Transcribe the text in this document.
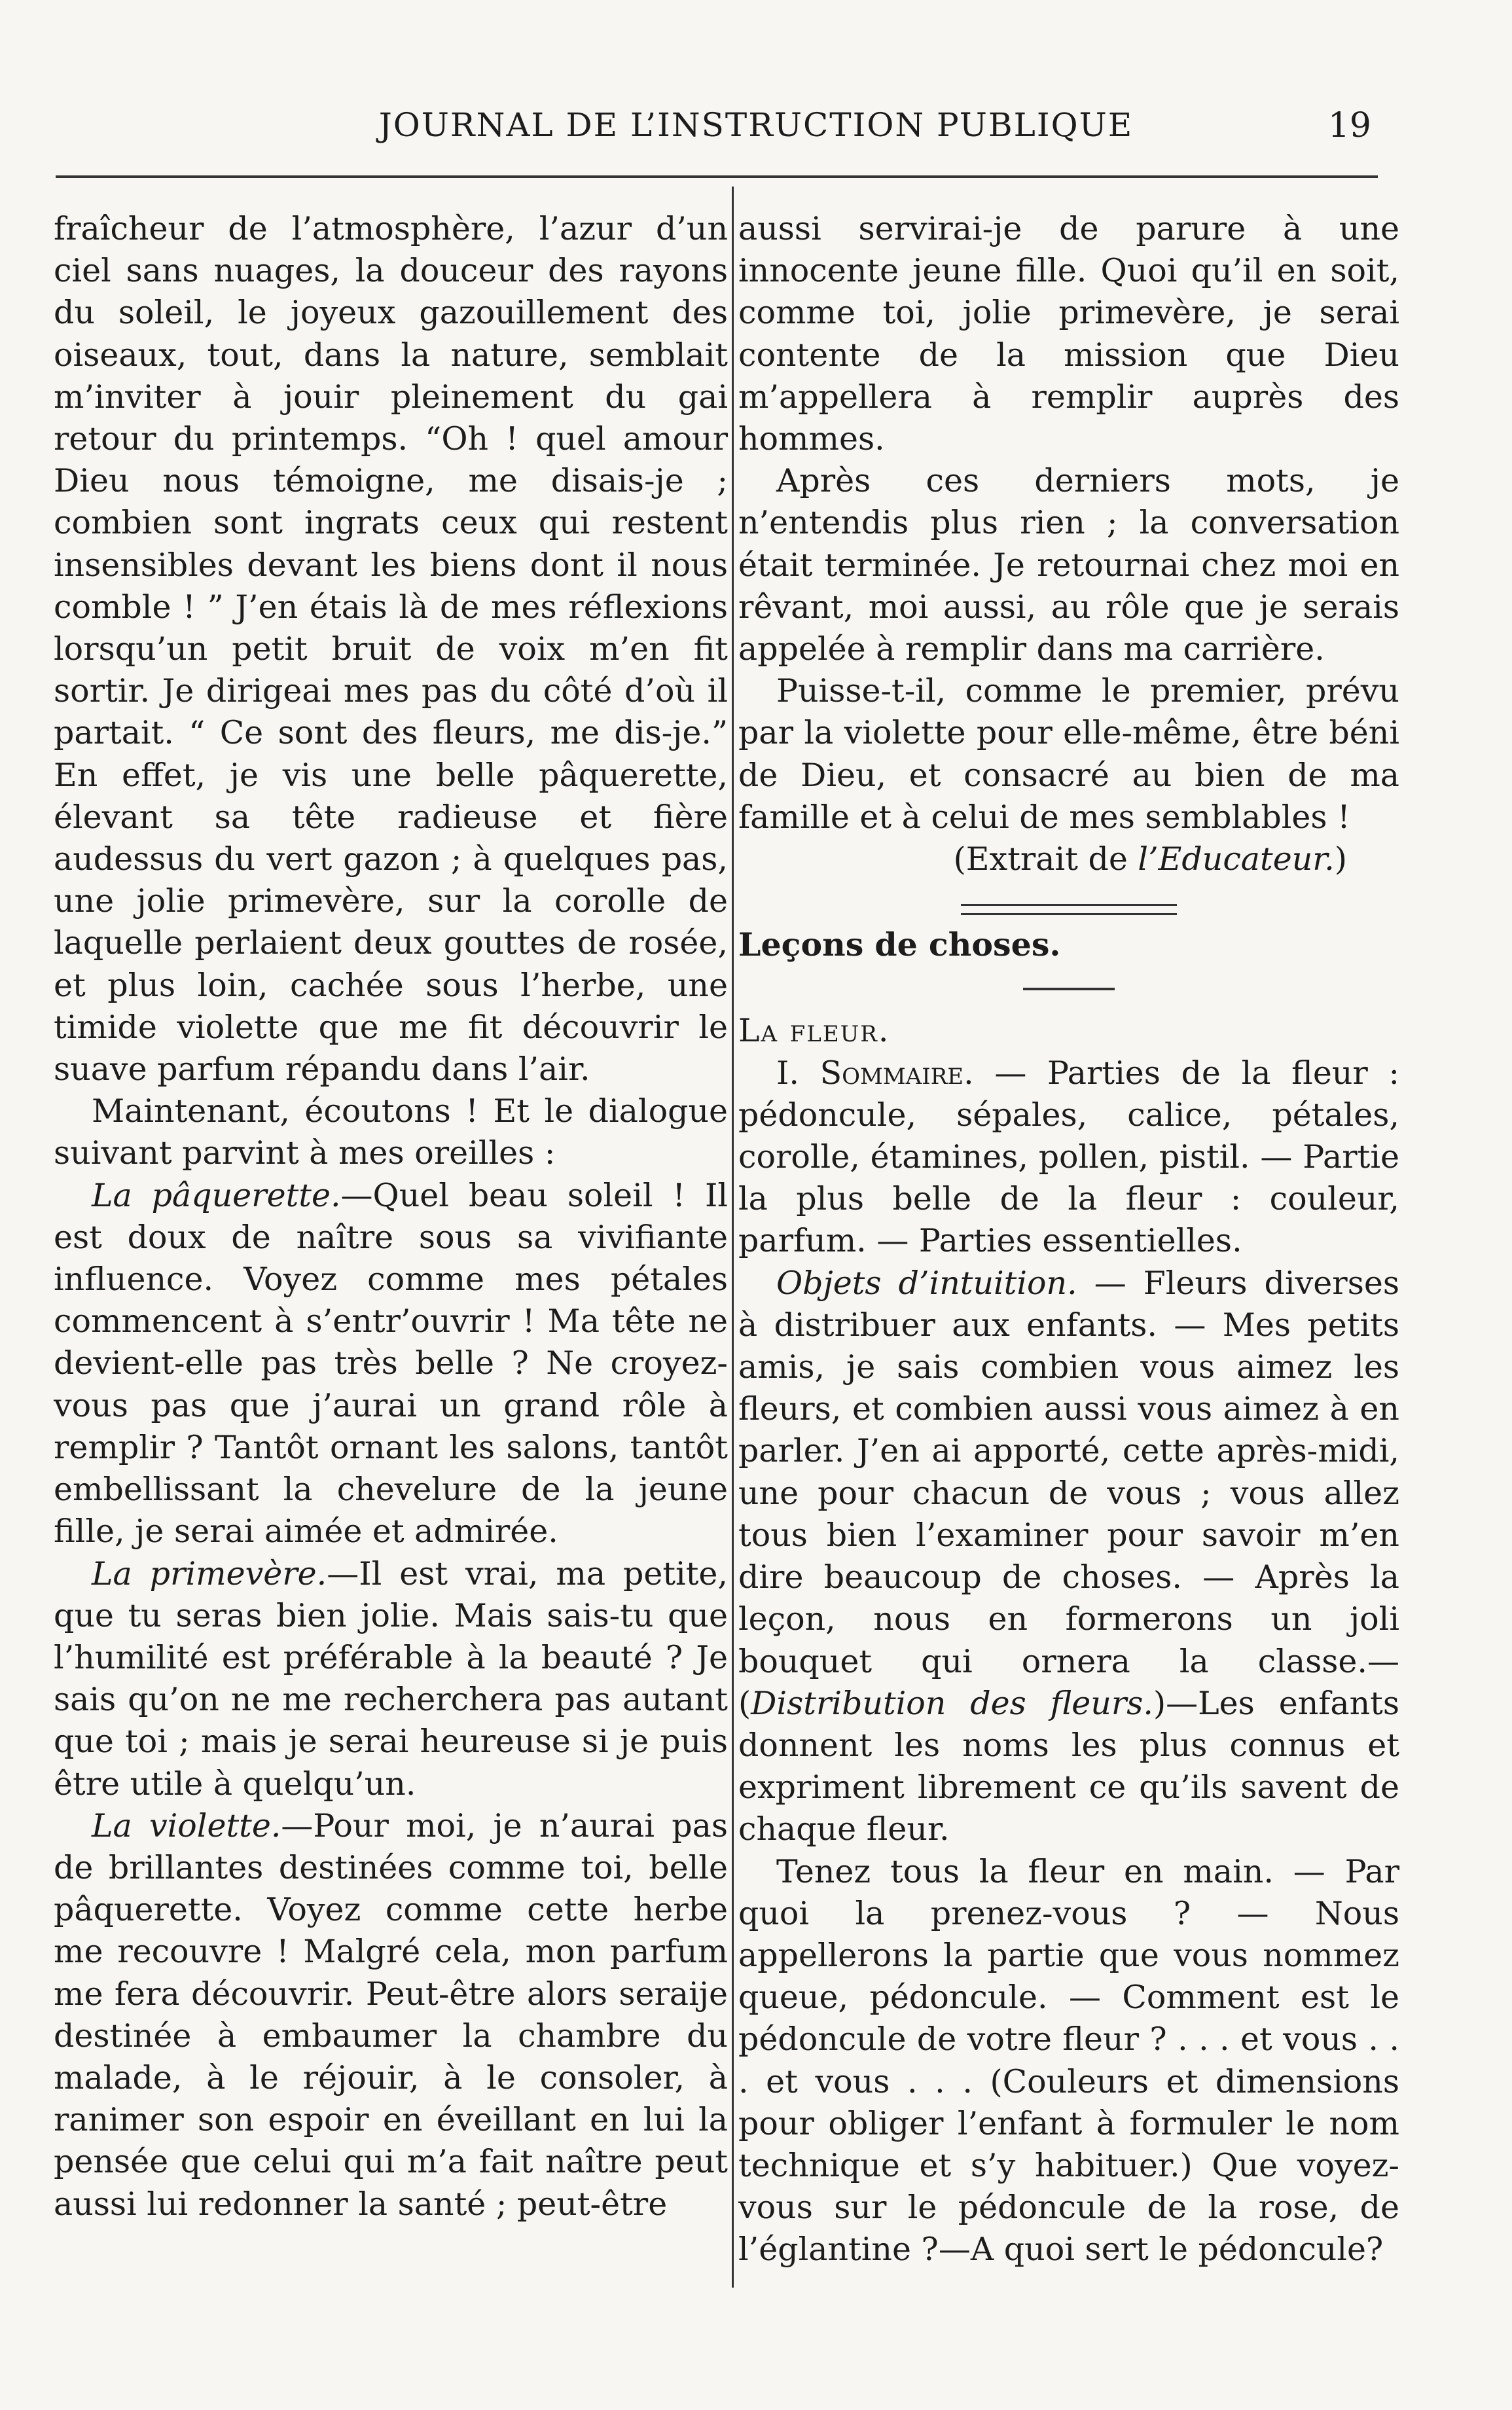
JOURNAL DE L’INSTRUCTION PUBLIQUE	19

fraîcheur de l’atmosphère, l’azur d’un ciel sans nuages, la douceur des rayons du soleil, le joyeux gazouillement des oiseaux, tout, dans la nature, semblait m’inviter à jouir pleinement du gai retour du printemps. “Oh ! quel amour Dieu nous témoigne, me disais-je ; combien sont ingrats ceux qui restent insensibles devant les biens dont il nous comble ! ” J’en étais là de mes réflexions lorsqu’un petit bruit de voix m’en fit sortir. Je dirigeai mes pas du côté d’où il partait. “ Ce sont des fleurs, me dis-je.” En effet, je vis une belle pâquerette, élevant sa tête radieuse et fière audessus du vert gazon ; à quelques pas, une jolie primevère, sur la corolle de laquelle perlaient deux gouttes de rosée, et plus loin, cachée sous l’herbe, une timide violette que me fit découvrir le suave parfum répandu dans l’air.

Maintenant, écoutons ! Et le dialogue suivant parvint à mes oreilles :

La pâquerette.—Quel beau soleil ! Il est doux de naître sous sa vivifiante influence. Voyez comme mes pétales commencent à s’entr’ouvrir ! Ma tête ne devient-elle pas très belle ? Ne croyez-vous pas que j’aurai un grand rôle à remplir ? Tantôt ornant les salons, tantôt embellissant la chevelure de la jeune fille, je serai aimée et admirée.

La primevère.—Il est vrai, ma petite, que tu seras bien jolie. Mais sais-tu que l’humilité est préférable à la beauté ? Je sais qu’on ne me recherchera pas autant que toi ; mais je serai heureuse si je puis être utile à quelqu’un.

La violette.—Pour moi, je n’aurai pas de brillantes destinées comme toi, belle pâquerette. Voyez comme cette herbe me recouvre ! Malgré cela, mon parfum me fera découvrir. Peut-être alors seraije destinée à embaumer la chambre du malade, à le réjouir, à le consoler, à ranimer son espoir en éveillant en lui la pensée que celui qui m’a fait naître peut aussi lui redonner la santé ; peut-être

aussi servirai-je de parure à une innocente jeune fille. Quoi qu’il en soit, comme toi, jolie primevère, je serai contente de la mission que Dieu m’appellera à remplir auprès des hommes.

Après ces derniers mots, je n’entendis plus rien ; la conversation était terminée. Je retournai chez moi en rêvant, moi aussi, au rôle que je serais appelée à remplir dans ma carrière.

Puisse-t-il, comme le premier, prévu par la violette pour elle-même, être béni de Dieu, et consacré au bien de ma famille et à celui de mes semblables !

(Extrait de l’Educateur.)

Leçons de choses.

La fleur.

I. Sommaire. — Parties de la fleur : pédoncule, sépales, calice, pétales, corolle, étamines, pollen, pistil. — Partie la plus belle de la fleur : couleur, parfum. — Parties essentielles.

Objets d’intuition. — Fleurs diverses à distribuer aux enfants. — Mes petits amis, je sais combien vous aimez les fleurs, et combien aussi vous aimez à en parler. J’en ai apporté, cette après-midi, une pour chacun de vous ; vous allez tous bien l’examiner pour savoir m’en dire beaucoup de choses. — Après la leçon, nous en formerons un joli bouquet qui ornera la classe.—(Distribution des fleurs.)—Les enfants donnent les noms les plus connus et expriment librement ce qu’ils savent de chaque fleur.

Tenez tous la fleur en main. — Par quoi la prenez-vous ? — Nous appellerons la partie que vous nommez queue, pédoncule. — Comment est le pédoncule de votre fleur ? . . . et vous . . . et vous . . . (Couleurs et dimensions pour obliger l’enfant à formuler le nom technique et s’y habituer.) Que voyez-vous sur le pédoncule de la rose, de l’églantine ?—A quoi sert le pédoncule?
